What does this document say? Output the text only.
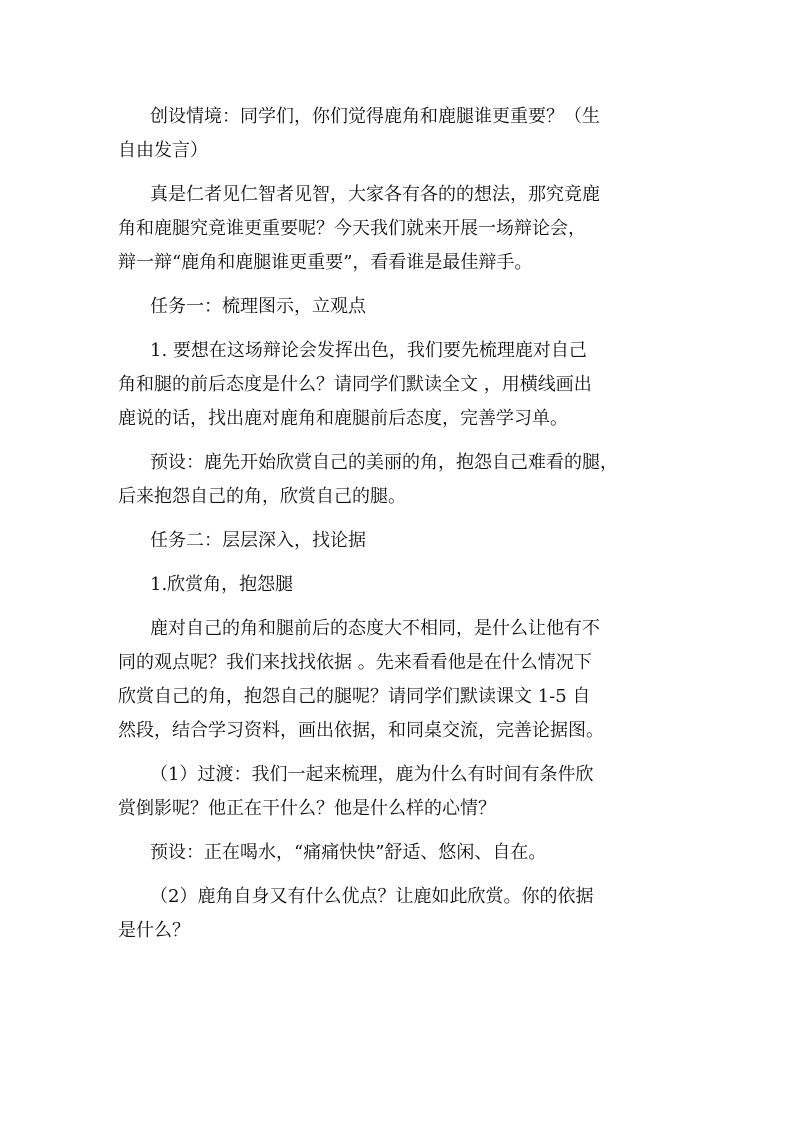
创设情境：同学们，你们觉得鹿角和鹿腿谁更重要？（生
自由发言）

真是仁者见仁智者见智，大家各有各的的想法，那究竟鹿
角和鹿腿究竟谁更重要呢？今天我们就来开展一场辩论会，
辩一辩“鹿角和鹿腿谁更重要”，看看谁是最佳辩手。

任务一：梳理图示，立观点

1. 要想在这场辩论会发挥出色，我们要先梳理鹿对自己
角和腿的前后态度是什么？请同学们默读全文 ，用横线画出
鹿说的话，找出鹿对鹿角和鹿腿前后态度，完善学习单。

预设：鹿先开始欣赏自己的美丽的角，抱怨自己难看的腿，
后来抱怨自己的角，欣赏自己的腿。

任务二：层层深入，找论据

1.欣赏角，抱怨腿

鹿对自己的角和腿前后的态度大不相同，是什么让他有不
同的观点呢？我们来找找依据 。先来看看他是在什么情况下
欣赏自己的角，抱怨自己的腿呢？请同学们默读课文 1-5 自
然段，结合学习资料，画出依据，和同桌交流，完善论据图。

（1）过渡：我们一起来梳理，鹿为什么有时间有条件欣
赏倒影呢？他正在干什么？他是什么样的心情？

预设：正在喝水，“痛痛快快”舒适、悠闲、自在。

（2）鹿角自身又有什么优点？让鹿如此欣赏。你的依据
是什么？
